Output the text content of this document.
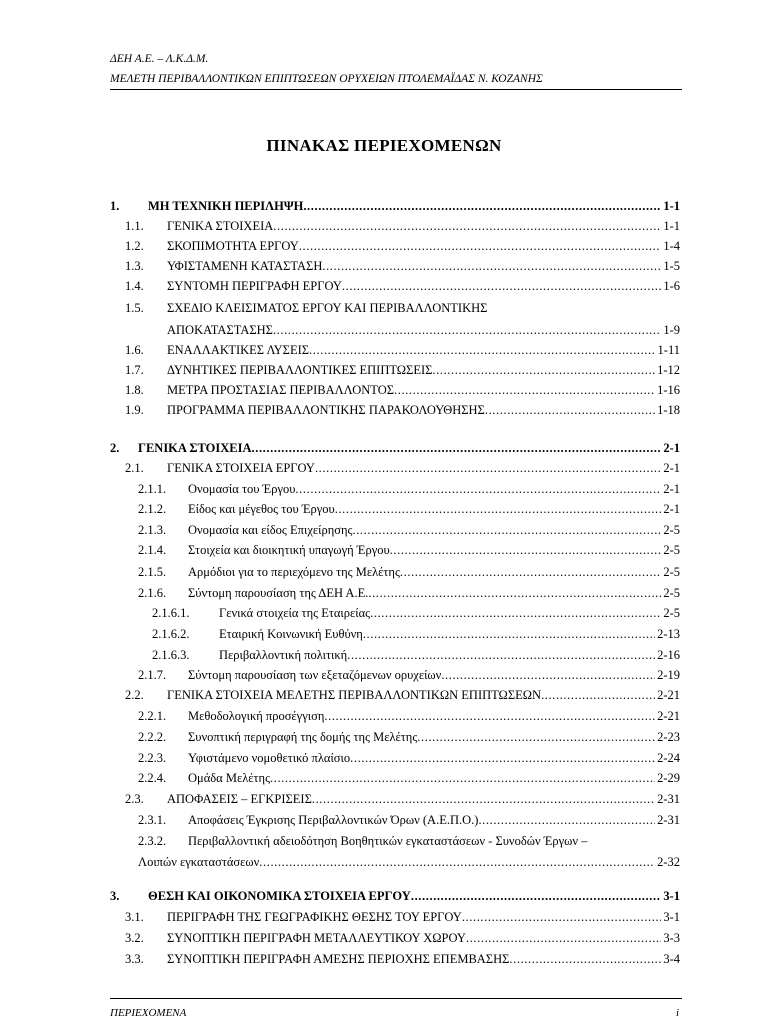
ΔΕΗ Α.Ε. – Λ.Κ.Δ.Μ.
ΜΕΛΕΤΗ ΠΕΡΙΒΑΛΛΟΝΤΙΚΩΝ ΕΠΙΠΤΩΣΕΩΝ ΟΡΥΧΕΙΩΝ ΠΤΟΛΕΜΑΪΔΑΣ Ν. ΚΟΖΑΝΗΣ
ΠΙΝΑΚΑΣ ΠΕΡΙΕΧΟΜΕΝΩΝ
1.	ΜΗ ΤΕΧΝΙΚΗ ΠΕΡΙΛΗΨΗ .....	1-1
1.1.	ΓΕΝΙΚΑ ΣΤΟΙΧΕΙΑ .....	1-1
1.2.	ΣΚΟΠΙΜΟΤΗΤΑ ΕΡΓΟΥ .....	1-4
1.3.	ΥΦΙΣΤΑΜΕΝΗ ΚΑΤΑΣΤΑΣΗ .....	1-5
1.4.	ΣΥΝΤΟΜΗ ΠΕΡΙΓΡΑΦΗ ΕΡΓΟΥ .....	1-6
1.5. ΣΧΕΔΙΟ ΚΛΕΙΣΙΜΑΤΟΣ ΕΡΓΟΥ ΚΑΙ ΠΕΡΙΒΑΛΛΟΝΤΙΚΗΣ
ΑΠΟΚΑΤΑΣΤΑΣΗΣ .....	1-9
1.6.	ΕΝΑΛΛΑΚΤΙΚΕΣ ΛΥΣΕΙΣ .....	1-11
1.7.	ΔΥΝΗΤΙΚΕΣ ΠΕΡΙΒΑΛΛΟΝΤΙΚΕΣ ΕΠΙΠΤΩΣΕΙΣ .....	1-12
1.8.	ΜΕΤΡΑ ΠΡΟΣΤΑΣΙΑΣ ΠΕΡΙΒΑΛΛΟΝΤΟΣ .....	1-16
1.9.	ΠΡΟΓΡΑΜΜΑ ΠΕΡΙΒΑΛΛΟΝΤΙΚΗΣ ΠΑΡΑΚΟΛΟΥΘΗΣΗΣ .....	1-18
2.	ΓΕΝΙΚΑ ΣΤΟΙΧΕΙΑ .....	2-1
2.1.	ΓΕΝΙΚΑ ΣΤΟΙΧΕΙΑ ΕΡΓΟΥ .....	2-1
2.1.1.	Ονομασία του Έργου .....	2-1
2.1.2.	Είδος και μέγεθος του Έργου .....	2-1
2.1.3.	Ονομασία και είδος Επιχείρησης .....	2-5
2.1.4.	Στοιχεία και διοικητική υπαγωγή Έργου .....	2-5
2.1.5.	Αρμόδιοι για το περιεχόμενο της Μελέτης .....	2-5
2.1.6.	Σύντομη παρουσίαση της ΔΕΗ Α.Ε. .....	2-5
2.1.6.1.	Γενικά στοιχεία της Εταιρείας .....	2-5
2.1.6.2.	Εταιρική Κοινωνική Ευθύνη .....	2-13
2.1.6.3.	Περιβαλλοντική πολιτική .....	2-16
2.1.7.	Σύντομη παρουσίαση των εξεταζόμενων ορυχείων .....	2-19
2.2.	ΓΕΝΙΚΑ ΣΤΟΙΧΕΙΑ ΜΕΛΕΤΗΣ ΠΕΡΙΒΑΛΛΟΝΤΙΚΩΝ ΕΠΙΠΤΩΣΕΩΝ .....	2-21
2.2.1.	Μεθοδολογική προσέγγιση .....	2-21
2.2.2.	Συνοπτική περιγραφή της δομής της Μελέτης .....	2-23
2.2.3.	Υφιστάμενο νομοθετικό πλαίσιο .....	2-24
2.2.4.	Ομάδα Μελέτης .....	2-29
2.3.	ΑΠΟΦΑΣΕΙΣ – ΕΓΚΡΙΣΕΙΣ .....	2-31
2.3.1.	Αποφάσεις Έγκρισης Περιβαλλοντικών Όρων (Α.Ε.Π.Ο.) .....	2-31
2.3.2. Περιβαλλοντική αδειοδότηση Βοηθητικών εγκαταστάσεων - Συνοδών Έργων –
Λοιπών εγκαταστάσεων .....	2-32
3.	ΘΕΣΗ ΚΑΙ ΟΙΚΟΝΟΜΙΚΑ ΣΤΟΙΧΕΙΑ ΕΡΓΟΥ .....	3-1
3.1.	ΠΕΡΙΓΡΑΦΗ ΤΗΣ ΓΕΩΓΡΑΦΙΚΗΣ ΘΕΣΗΣ ΤΟΥ ΕΡΓΟΥ .....	3-1
3.2.	ΣΥΝΟΠΤΙΚΗ ΠΕΡΙΓΡΑΦΗ ΜΕΤΑΛΛΕΥΤΙΚΟΥ ΧΩΡΟΥ .....	3-3
3.3.	ΣΥΝΟΠΤΙΚΗ ΠΕΡΙΓΡΑΦΗ ΑΜΕΣΗΣ ΠΕΡΙΟΧΗΣ ΕΠΕΜΒΑΣΗΣ .....	3-4
ΠΕΡΙΕΧΟΜΕΝΑ	i
